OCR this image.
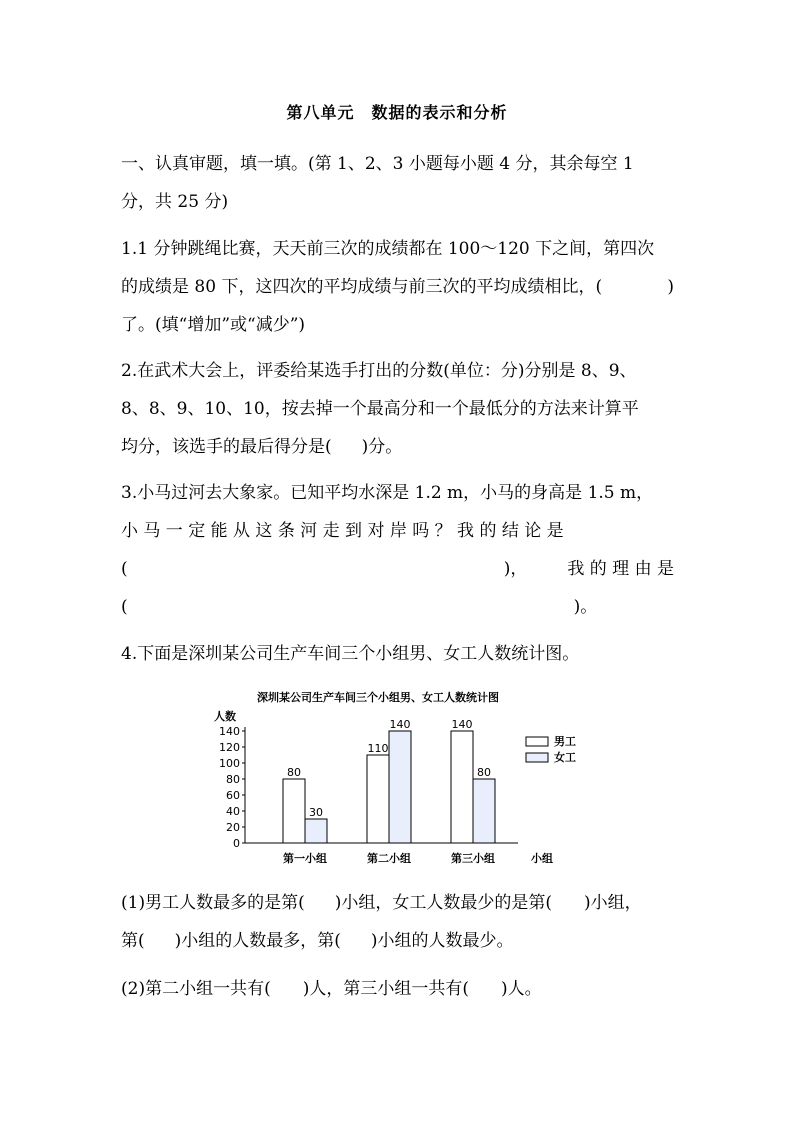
第八单元　数据的表示和分析
一、认真审题，填一填。(第 1、2、3 小题每小题 4 分，其余每空 1
分，共 25 分)
1.1 分钟跳绳比赛，天天前三次的成绩都在 100～120 下之间，第四次
的成绩是 80 下，这四次的平均成绩与前三次的平均成绩相比，(	)
了。(填“增加”或“减少”)
2.在武术大会上，评委给某选手打出的分数(单位：分)分别是 8、9、
8、8、9、10、10，按去掉一个最高分和一个最低分的方法来计算平
均分，该选手的最后得分是( )分。
3.小马过河去大象家。已知平均水深是 1.2 m，小马的身高是 1.5 m，
小 马 一 定 能 从 这 条 河 走 到 对 岸 吗 ？ 我 的 结 论 是
(	)， 我 的 理 由 是
(	)。
4.下面是深圳某公司生产车间三个小组男、女工人数统计图。
深圳某公司生产车间三个小组男、女工人数统计图
人数
0
20
40
60
80
100
120
140
80
30
第一小组
110
140
第二小组
140
80
第三小组	小组
男工
女工
(1)男工人数最多的是第( )小组，女工人数最少的是第( )小组，
第( )小组的人数最多，第( )小组的人数最少。
(2)第二小组一共有( )人，第三小组一共有( )人。
